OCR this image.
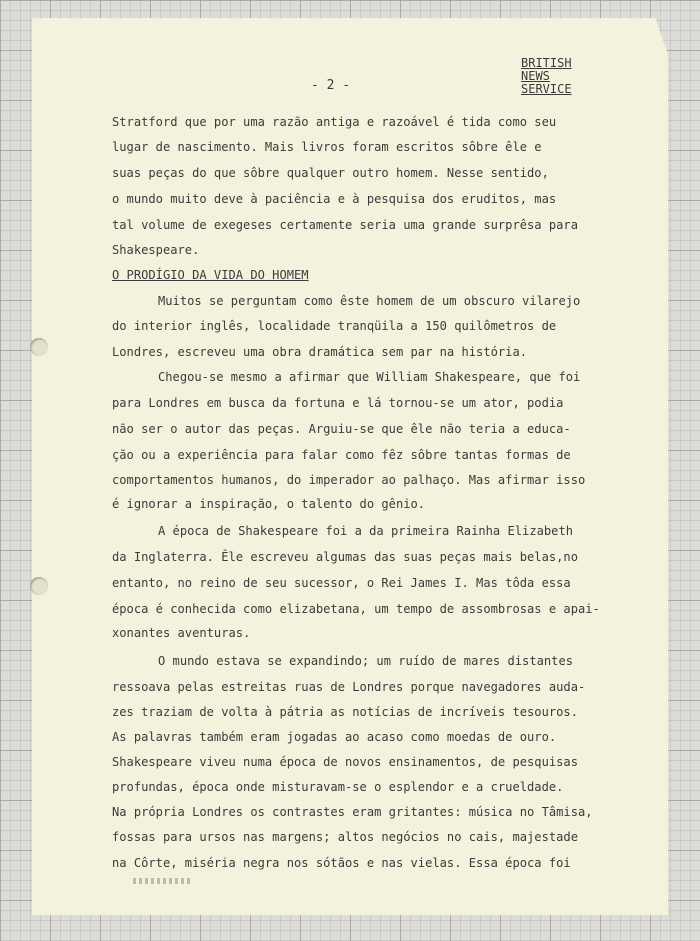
- 2 -
BRITISH
NEWS
SERVICE
Stratford que por uma razão antiga e razoável é tida como seu
lugar de nascimento. Mais livros foram escritos sôbre êle e
suas peças do que sôbre qualquer outro homem. Nesse sentido,
o mundo muito deve à paciência e à pesquisa dos eruditos, mas
tal volume de exegeses certamente seria uma grande surprêsa para
Shakespeare.
O PRODÍGIO DA VIDA DO HOMEM
Muitos se perguntam como êste homem de um obscuro vilarejo
do interior inglês, localidade tranqüila a 150 quilômetros de
Londres, escreveu uma obra dramática sem par na história.
Chegou-se mesmo a afirmar que William Shakespeare, que foi
para Londres em busca da fortuna e lá tornou-se um ator, podia
não ser o autor das peças. Arguiu-se que êle não teria a educa-
ção ou a experiência para falar como fêz sôbre tantas formas de
comportamentos humanos, do imperador ao palhaço. Mas afirmar isso
é ignorar a inspiração, o talento do gênio.
A época de Shakespeare foi a da primeira Rainha Elizabeth
da Inglaterra. Êle escreveu algumas das suas peças mais belas,no
entanto, no reino de seu sucessor, o Rei James I. Mas tôda essa
época é conhecida como elizabetana, um tempo de assombrosas e apai-
xonantes aventuras.
O mundo estava se expandindo; um ruído de mares distantes
ressoava pelas estreitas ruas de Londres porque navegadores auda-
zes traziam de volta à pátria as notícias de incríveis tesouros.
As palavras também eram jogadas ao acaso como moedas de ouro.
Shakespeare viveu numa época de novos ensinamentos, de pesquisas
profundas, época onde misturavam-se o esplendor e a crueldade.
Na própria Londres os contrastes eram gritantes: música no Tâmisa,
fossas para ursos nas margens; altos negócios no cais, majestade
na Côrte, miséria negra nos sótãos e nas vielas. Essa época foi
